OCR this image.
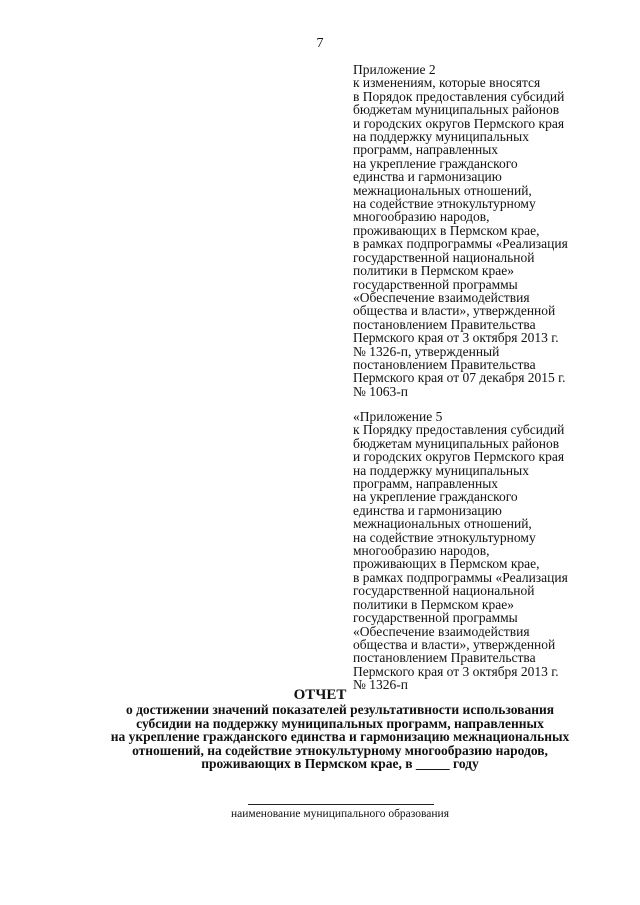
7
Приложение 2
к изменениям, которые вносятся
в Порядок предоставления субсидий
бюджетам муниципальных районов
и городских округов Пермского края
на поддержку муниципальных
программ, направленных
на укрепление гражданского
единства и гармонизацию
межнациональных отношений,
на содействие этнокультурному
многообразию народов,
проживающих в Пермском крае,
в рамках подпрограммы «Реализация
государственной национальной
политики в Пермском крае»
государственной программы
«Обеспечение взаимодействия
общества и власти», утвержденной
постановлением Правительства
Пермского края от 3 октября 2013 г.
№ 1326-п, утвержденный
постановлением Правительства
Пермского края от 07 декабря 2015 г.
№ 1063-п
«Приложение 5
к Порядку предоставления субсидий
бюджетам муниципальных районов
и городских округов Пермского края
на поддержку муниципальных
программ, направленных
на укрепление гражданского
единства и гармонизацию
межнациональных отношений,
на содействие этнокультурному
многообразию народов,
проживающих в Пермском крае,
в рамках подпрограммы «Реализация
государственной национальной
политики в Пермском крае»
государственной программы
«Обеспечение взаимодействия
общества и власти», утвержденной
постановлением Правительства
Пермского края от 3 октября 2013 г.
№ 1326-п
ОТЧЕТ
о достижении значений показателей результативности использования
субсидии на поддержку муниципальных программ, направленных
на укрепление гражданского единства и гармонизацию межнациональных
отношений, на содействие этнокультурному многообразию народов,
проживающих в Пермском крае, в _____ году
наименование муниципального образования
